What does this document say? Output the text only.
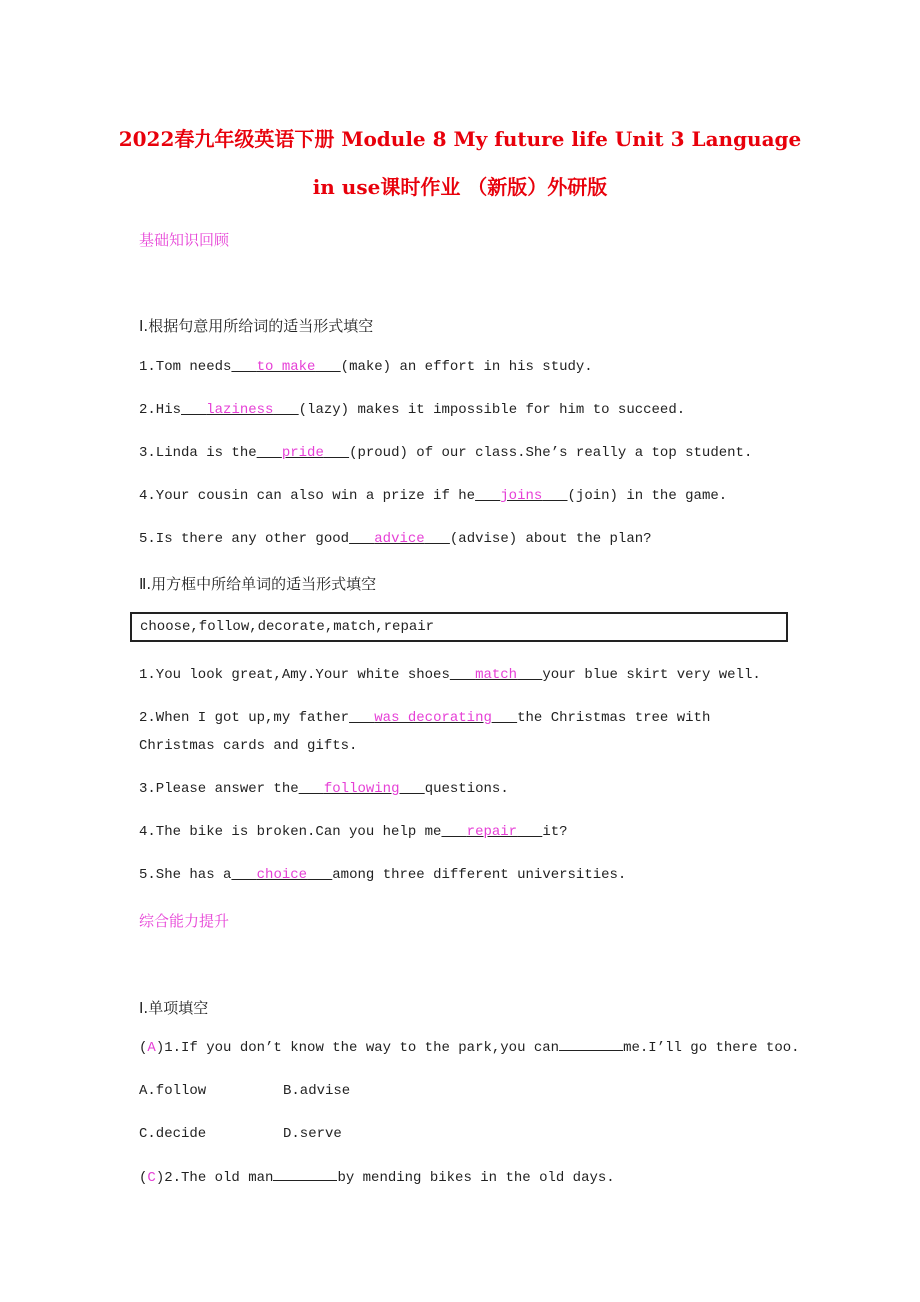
2022春九年级英语下册 Module 8 My future life Unit 3 Language
in use课时作业 （新版）外研版
基础知识回顾
Ⅰ.根据句意用所给词的适当形式填空
1.Tom needs to make (make) an effort in his study.
2.His laziness (lazy) makes it impossible for him to succeed.
3.Linda is the pride (proud) of our class.She’s really a top student.
4.Your cousin can also win a prize if he joins (join) in the game.
5.Is there any other good advice (advise) about the plan?
Ⅱ.用方框中所给单词的适当形式填空
choose,follow,decorate,match,repair
1.You look great,Amy.Your white shoes match your blue skirt very well.
2.When I got up,my father was decorating the Christmas tree with Christmas cards and gifts.
3.Please answer the following questions.
4.The bike is broken.Can you help me repair it?
5.She has a choice among three different universities.
综合能力提升
Ⅰ.单项填空
(A)1.If you don’t know the way to the park,you can	me.I’ll go there too.
A.follow	B.advise
C.decide	D.serve
(C)2.The old man	by mending bikes in the old days.
